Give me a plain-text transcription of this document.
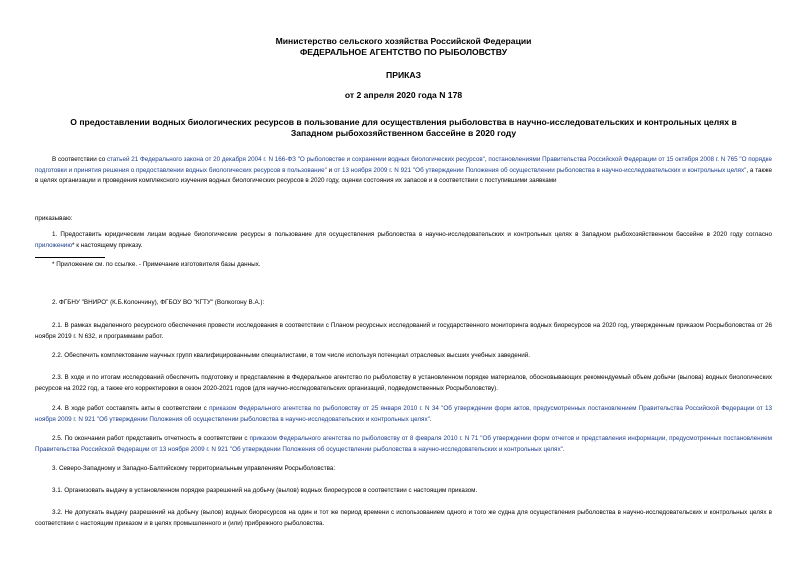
Министерство сельского хозяйства Российской Федерации
ФЕДЕРАЛЬНОЕ АГЕНТСТВО ПО РЫБОЛОВСТВУ
ПРИКАЗ
от 2 апреля 2020 года N 178
О предоставлении водных биологических ресурсов в пользование для осуществления рыболовства в научно-исследовательских и контрольных целях в Западном рыбохозяйственном бассейне в 2020 году
В соответствии со статьей 21 Федерального закона от 20 декабря 2004 г. N 166-ФЗ "О рыболовстве и сохранении водных биологических ресурсов", постановлениями Правительства Российской Федерации от 15 октября 2008 г. N 765 "О порядке подготовки и принятия решения о предоставлении водных биологических ресурсов в пользование" и от 13 ноября 2009 г. N 921 "Об утверждении Положения об осуществлении рыболовства в научно-исследовательских и контрольных целях", а также в целях организации и проведения комплексного изучения водных биологических ресурсов в 2020 году, оценки состояния их запасов и в соответствии с поступившими заявками
приказываю:
1. Предоставить юридическим лицам водные биологические ресурсы в пользование для осуществления рыболовства в научно-исследовательских и контрольных целях в Западном рыбохозяйственном бассейне в 2020 году согласно приложению* к настоящему приказу.
* Приложение см. по ссылке. - Примечание изготовителя базы данных.
2. ФГБНУ "ВНИРО" (К.Б.Колончину), ФГБОУ ВО "КГТУ" (Волкогону В.А.):
2.1. В рамках выделенного ресурсного обеспечения провести исследования в соответствии с Планом ресурсных исследований и государственного мониторинга водных биоресурсов на 2020 год, утвержденным приказом Росрыболовства от 26 ноября 2019 г. N 632, и программами работ.
2.2. Обеспечить комплектование научных групп квалифицированными специалистами, в том числе используя потенциал отраслевых высших учебных заведений.
2.3. В ходе и по итогам исследований обеспечить подготовку и представление в Федеральное агентство по рыболовству в установленном порядке материалов, обосновывающих рекомендуемый объем добычи (вылова) водных биологических ресурсов на 2022 год, а также его корректировки в сезон 2020-2021 годов (для научно-исследовательских организаций, подведомственных Росрыболовству).
2.4. В ходе работ составлять акты в соответствии с приказом Федерального агентства по рыболовству от 25 января 2010 г. N 34 "Об утверждении форм актов, предусмотренных постановлением Правительства Российской Федерации от 13 ноября 2009 г. N 921 "Об утверждении Положения об осуществлении рыболовства в научно-исследовательских и контрольных целях".
2.5. По окончании работ представить отчетность в соответствии с приказом Федерального агентства по рыболовству от 8 февраля 2010 г. N 71 "Об утверждении форм отчетов и представления информации, предусмотренных постановлением Правительства Российской Федерации от 13 ноября 2009 г. N 921 "Об утверждении Положения об осуществлении рыболовства в научно-исследовательских и контрольных целях".
3. Северо-Западному и Западно-Балтийскому территориальным управлениям Росрыболовства:
3.1. Организовать выдачу в установленном порядке разрешений на добычу (вылов) водных биоресурсов в соответствии с настоящим приказом.
3.2. Не допускать выдачу разрешений на добычу (вылов) водных биоресурсов на один и тот же период времени с использованием одного и того же судна для осуществления рыболовства в научно-исследовательских и контрольных целях в соответствии с настоящим приказом и в целях промышленного и (или) прибрежного рыболовства.
